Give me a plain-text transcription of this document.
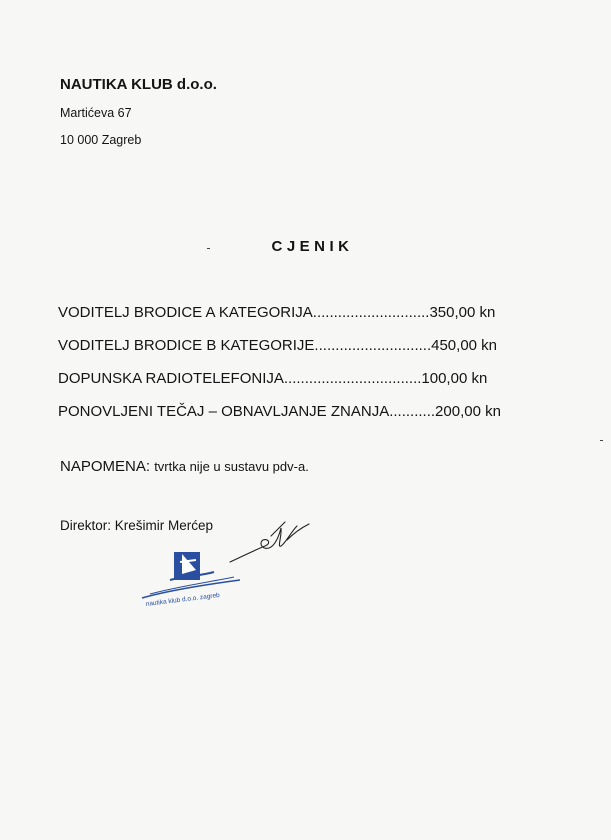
NAUTIKA KLUB d.o.o.
Martićeva 67
10 000 Zagreb
CJENIK
VODITELJ BRODICE A KATEGORIJA............................350,00 kn
VODITELJ BRODICE B KATEGORIJE............................450,00 kn
DOPUNSKA RADIOTELEFONIJA.................................100,00 kn
PONOVLJENI TEČAJ – OBNAVLJANJE ZNANJA...........200,00 kn
NAPOMENA: tvrtka nije u sustavu pdv-a.
Direktor: Krešimir Merćep
nautika klub d.o.o. zagreb
